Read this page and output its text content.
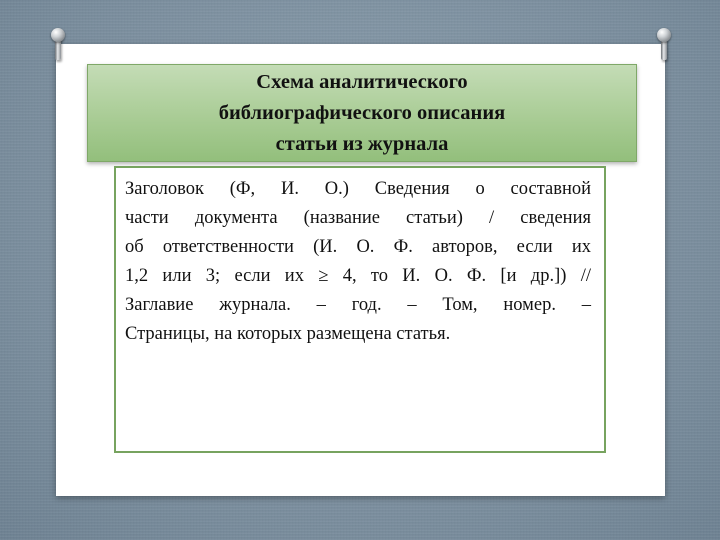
Схема аналитического
библиографического описания
статьи из журнала
Заголовок (Ф, И. О.) Сведения о составной
части документа (название статьи) / сведения
об ответственности (И. О. Ф. авторов, если их
1,2 или 3; если их ≥ 4, то И. О. Ф. [и др.]) //
Заглавие журнала. – год. – Том, номер. –
Страницы, на которых размещена статья.
